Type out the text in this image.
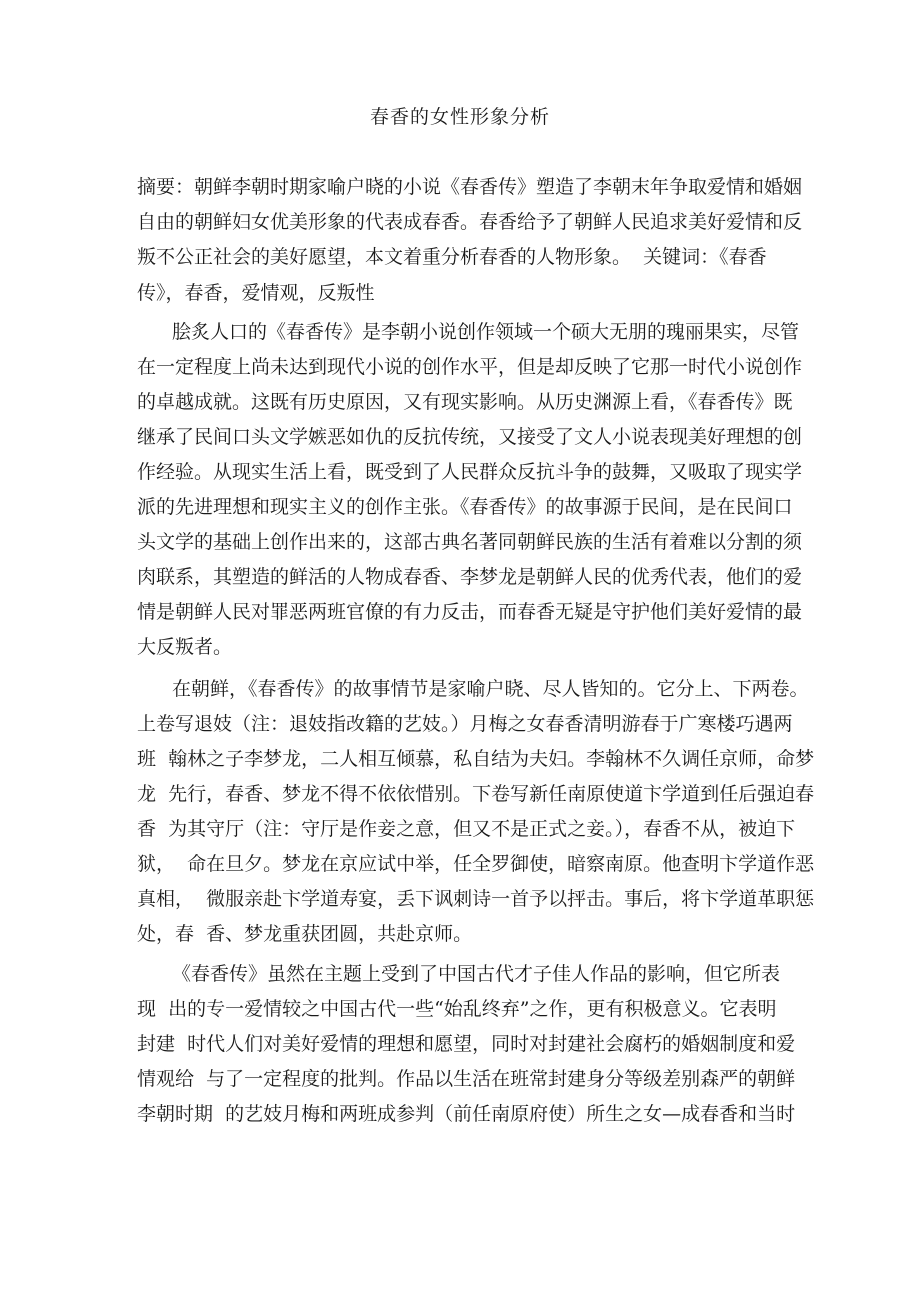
春香的女性形象分析
摘要：朝鲜李朝时期家喻户晓的小说《春香传》塑造了李朝末年争取爱情和婚姻
自由的朝鲜妇女优美形象的代表成春香。春香给予了朝鲜人民追求美好爱情和反
叛不公正社会的美好愿望，本文着重分析春香的人物形象。  关键词：《春香
传》，春香，爱情观，反叛性
脍炙人口的《春香传》是李朝小说创作领域一个硕大无朋的瑰丽果实，尽管
在一定程度上尚未达到现代小说的创作水平，但是却反映了它那一时代小说创作
的卓越成就。这既有历史原因，又有现实影响。从历史渊源上看，《春香传》既
继承了民间口头文学嫉恶如仇的反抗传统，又接受了文人小说表现美好理想的创
作经验。从现实生活上看，既受到了人民群众反抗斗争的鼓舞，又吸取了现实学
派的先进理想和现实主义的创作主张。《春香传》的故事源于民间，是在民间口
头文学的基础上创作出来的，这部古典名著同朝鲜民族的生活有着难以分割的须
肉联系，其塑造的鲜活的人物成春香、李梦龙是朝鲜人民的优秀代表，他们的爱
情是朝鲜人民对罪恶两班官僚的有力反击，而春香无疑是守护他们美好爱情的最
大反叛者。
在朝鲜，《春香传》的故事情节是家喻户晓、尽人皆知的。它分上、下两卷。
上卷写退妓（注：退妓指改籍的艺妓。）月梅之女春香清明游春于广寒楼巧遇两
班  翰林之子李梦龙，二人相互倾慕，私自结为夫妇。李翰林不久调任京师，命梦
龙  先行，春香、梦龙不得不依依惜别。下卷写新任南原使道卞学道到任后强迫春
香  为其守厅（注：守厅是作妾之意，但又不是正式之妾。），春香不从，被迫下
狱，  命在旦夕。梦龙在京应试中举，任全罗御使，暗察南原。他查明卞学道作恶
真相，  微服亲赴卞学道寿宴，丢下讽刺诗一首予以抨击。事后，将卞学道革职惩
处，春  香、梦龙重获团圆，共赴京师。
《春香传》虽然在主题上受到了中国古代才子佳人作品的影响，但它所表
现  出的专一爱情较之中国古代一些“始乱终弃”之作，更有积极意义。它表明
封建  时代人们对美好爱情的理想和愿望，同时对封建社会腐朽的婚姻制度和爱
情观给  与了一定程度的批判。作品以生活在班常封建身分等级差别森严的朝鲜
李朝时期  的艺妓月梅和两班成参判（前任南原府使）所生之女—成春香和当时
